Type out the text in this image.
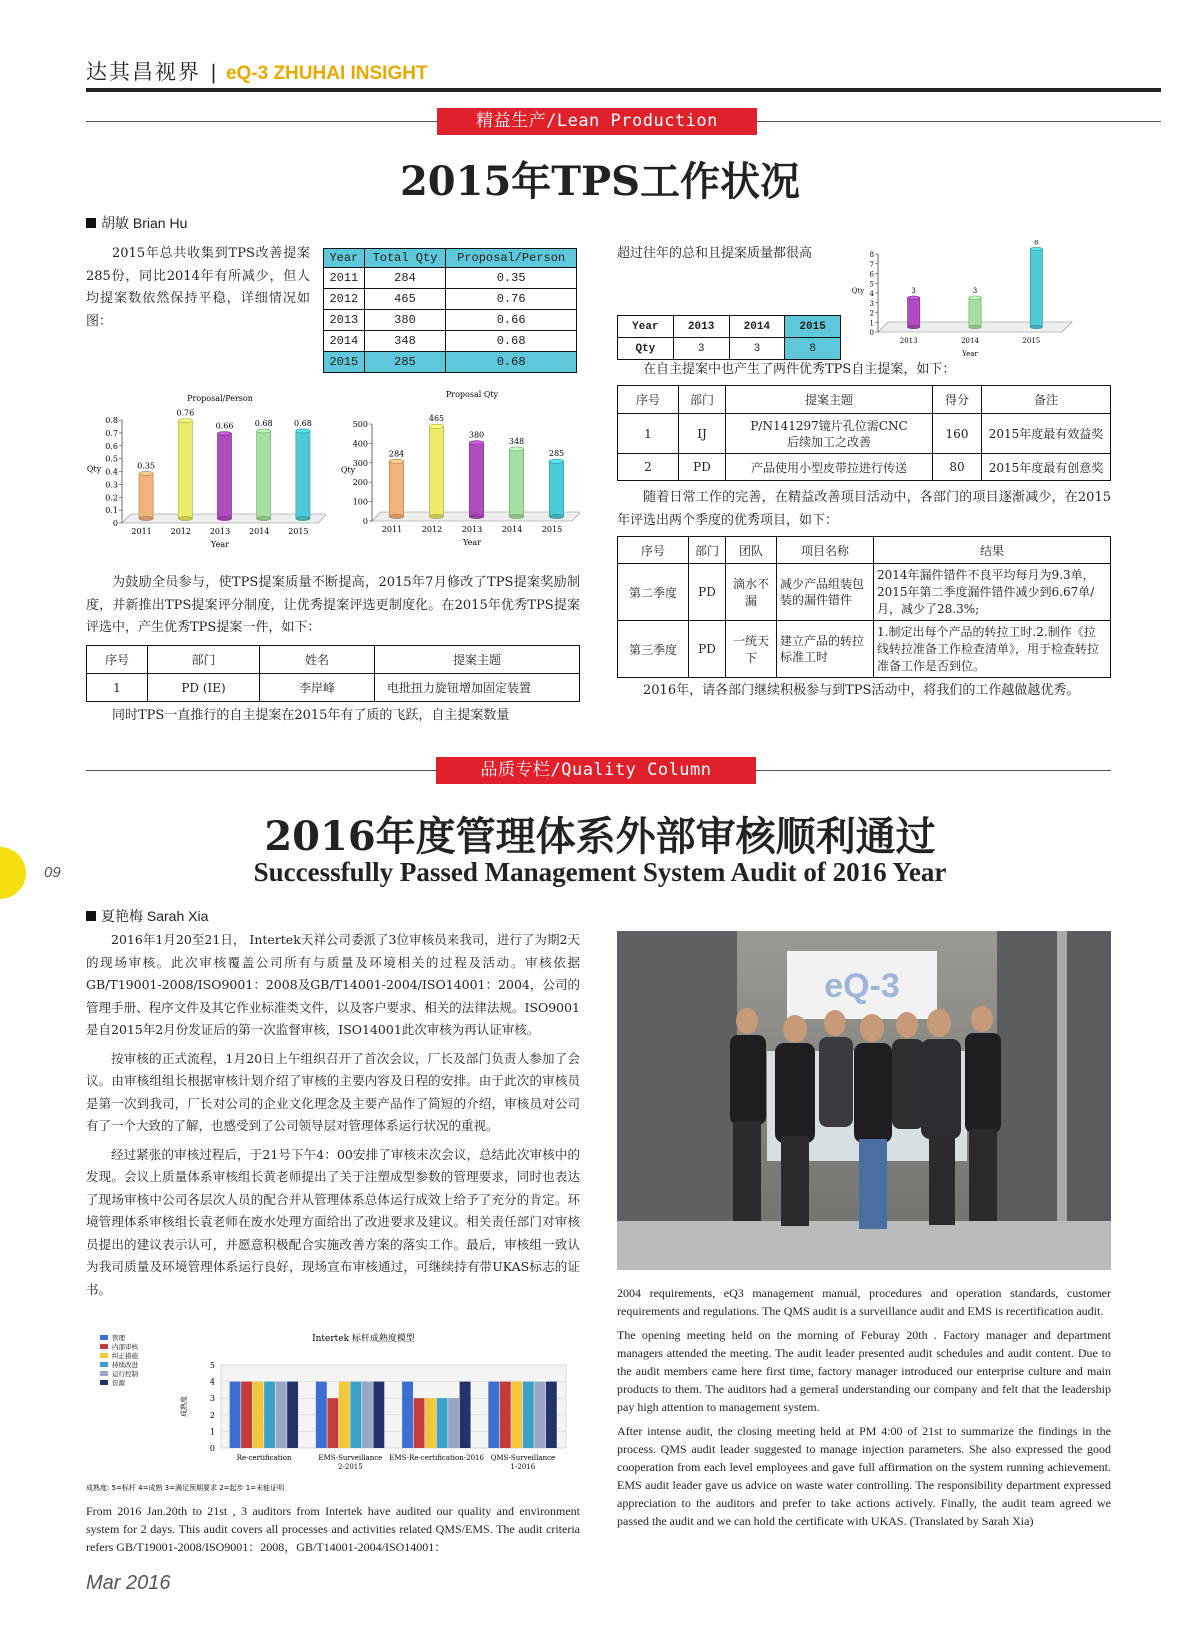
达其昌视界 | eQ-3 ZHUHAI INSIGHT
精益生产/Lean Production
2015年TPS工作状况
胡敏 Brian Hu

2015年总共收集到TPS改善提案285份，同比2014年有所减少，但人均提案数依然保持平稳，详细情况如图：

Year	Total Qty	Proposal/Person
2011	284	0.35
2012	465	0.76
2013	380	0.66
2014	348	0.68
2015	285	0.68
Proposal/Person
0
0.1
0.2
0.3
0.4
0.5
0.6
0.7
0.8
Qty	0.35
2011
0.76
2012
0.66
2013
0.68
2014
0.68
2015
Year
Proposal Qty
0
100
200
300
400
500
Qty
284
2011
465
2012
380
2013
348
2014
285
2015
Year

为鼓励全员参与，使TPS提案质量不断提高，2015年7月修改了TPS提案奖励制度，并新推出TPS提案评分制度，让优秀提案评选更制度化。在2015年优秀TPS提案评选中，产生优秀TPS提案一件，如下：

序号	部门	姓名	提案主题
1	PD (IE)	李岸峰	电批扭力旋钮增加固定装置

同时TPS一直推行的自主提案在2015年有了质的飞跃，自主提案数量

超过往年的总和且提案质量都很高

Year	2013	2014	2015
Qty	3	3	8
0
1
2
3
4
5
6
7
8
Qty	3
2013
3
2014
8
2015
Year

在自主提案中也产生了两件优秀TPS自主提案，如下：

序号	部门	提案主题	得分	备注
1	IJ	P/N141297镜片孔位需CNC后续加工之改善	160	2015年度最有效益奖
2	PD	产品使用小型皮带拉进行传送	80	2015年度最有创意奖

随着日常工作的完善，在精益改善项目活动中，各部门的项目逐渐减少，在2015年评选出两个季度的优秀项目，如下：

序号	部门	团队	项目名称	结果
第二季度	PD	滴水不漏	减少产品组装包装的漏件错件	2014年漏件错件不良平均每月为9.3单，2015年第二季度漏件错件减少到6.67单/月，减少了28.3%;
第三季度	PD	一统天下	建立产品的转拉标准工时	1.制定出每个产品的转拉工时.2.制作《拉线转拉准备工作检查清单》，用于检查转拉准备工作是否到位。

2016年，请各部门继续积极参与到TPS活动中，将我们的工作越做越优秀。

品质专栏/Quality Column
2016年度管理体系外部审核顺利通过
Successfully Passed Management System Audit of 2016 Year
09
夏艳梅 Sarah Xia

2016年1月20至21日， Intertek天祥公司委派了3位审核员来我司，进行了为期2天的现场审核。此次审核覆盖公司所有与质量及环境相关的过程及活动。审核依据GB/T19001-2008/ISO9001：2008及GB/T14001-2004/ISO14001：2004，公司的管理手册、程序文件及其它作业标准类文件，以及客户要求、相关的法律法规。ISO9001是自2015年2月份发证后的第一次监督审核，ISO14001此次审核为再认证审核。

按审核的正式流程，1月20日上午组织召开了首次会议，厂长及部门负责人参加了会议。由审核组组长根据审核计划介绍了审核的主要内容及日程的安排。由于此次的审核员是第一次到我司，厂长对公司的企业文化理念及主要产品作了简短的介绍，审核员对公司有了一个大致的了解，也感受到了公司领导层对管理体系运行状况的重视。

经过紧张的审核过程后，于21号下午4：00安排了审核末次会议，总结此次审核中的发现。会议上质量体系审核组长黄老师提出了关于注塑成型参数的管理要求，同时也表达了现场审核中公司各层次人员的配合并从管理体系总体运行成效上给予了充分的肯定。环境管理体系审核组长袁老师在废水处理方面给出了改进要求及建议。相关责任部门对审核员提出的建议表示认可，并愿意积极配合实施改善方案的落实工作。最后，审核组一致认为我司质量及环境管理体系运行良好，现场宣布审核通过，可继续持有带UKAS标志的证书。

Intertek 标杆成熟度模型
0
1
2
3
4
5
成熟度
Re-certification	EMS-Surveillance
2-2015
EMS-Re-certification-2016 QMS-Surveillance
1-2016
管理
内部审核
纠正措施
持续改进
运行控制
资源
成熟度: 5=标杆 4=成熟 3=满足预期要求 2=起步 1=未能证明

From 2016 Jan.20th to 21st , 3 auditors from Intertek have audited our quality and environment system for 2 days. This audit covers all processes and activities related QMS/EMS. The audit criteria refers GB/T19001-2008/ISO9001：2008，GB/T14001-2004/ISO14001：

eQ-3

2004 requirements, eQ3 management manual, procedures and operation standards, customer requirements and regulations. The QMS audit is a surveillance audit and EMS is recertification audit.

The opening meeting held on the morning of Feburay 20th . Factory manager and department managers attended the meeting. The audit leader presented audit schedules and audit content. Due to the audit members came here first time, factory manager introduced our enterprise culture and main products to them. The auditors had a gemeral understanding our company and felt that the leadership pay high attention to management system.

After intense audit, the closing meeting held at PM 4:00 of 21st to summarize the findings in the process. QMS audit leader suggested to manage injection parameters. She also expressed the good cooperation from each level employees and gave full affirmation on the system running achievement. EMS audit leader gave us advice on waste water controlling. The responsibility department expressed appreciation to the auditors and prefer to take actions actively. Finally, the audit team agreed we passed the audit and we can hold the certificate with UKAS. (Translated by Sarah Xia)

Mar 2016
